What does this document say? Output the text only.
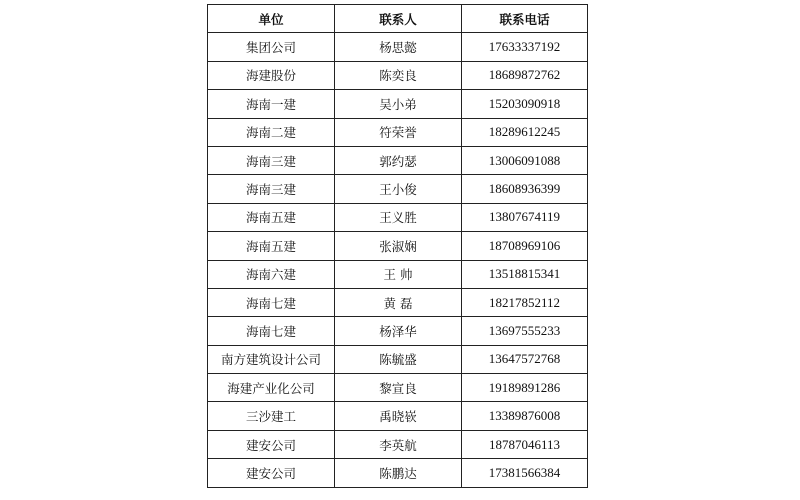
单位	联系人	联系电话
集团公司	杨思懿	17633337192
海建股份	陈奕良	18689872762
海南一建	吴小弟	15203090918
海南二建	符荣誉	18289612245
海南三建	郭约瑟	13006091088
海南三建	王小俊	18608936399
海南五建	王义胜	13807674119
海南五建	张淑娴	18708969106
海南六建	王 帅	13518815341
海南七建	黄 磊	18217852112
海南七建	杨泽华	13697555233
南方建筑设计公司	陈毓盛	13647572768
海建产业化公司	黎宣良	19189891286
三沙建工	禹晓嵚	13389876008
建安公司	李英航	18787046113
建安公司	陈鹏达	17381566384
